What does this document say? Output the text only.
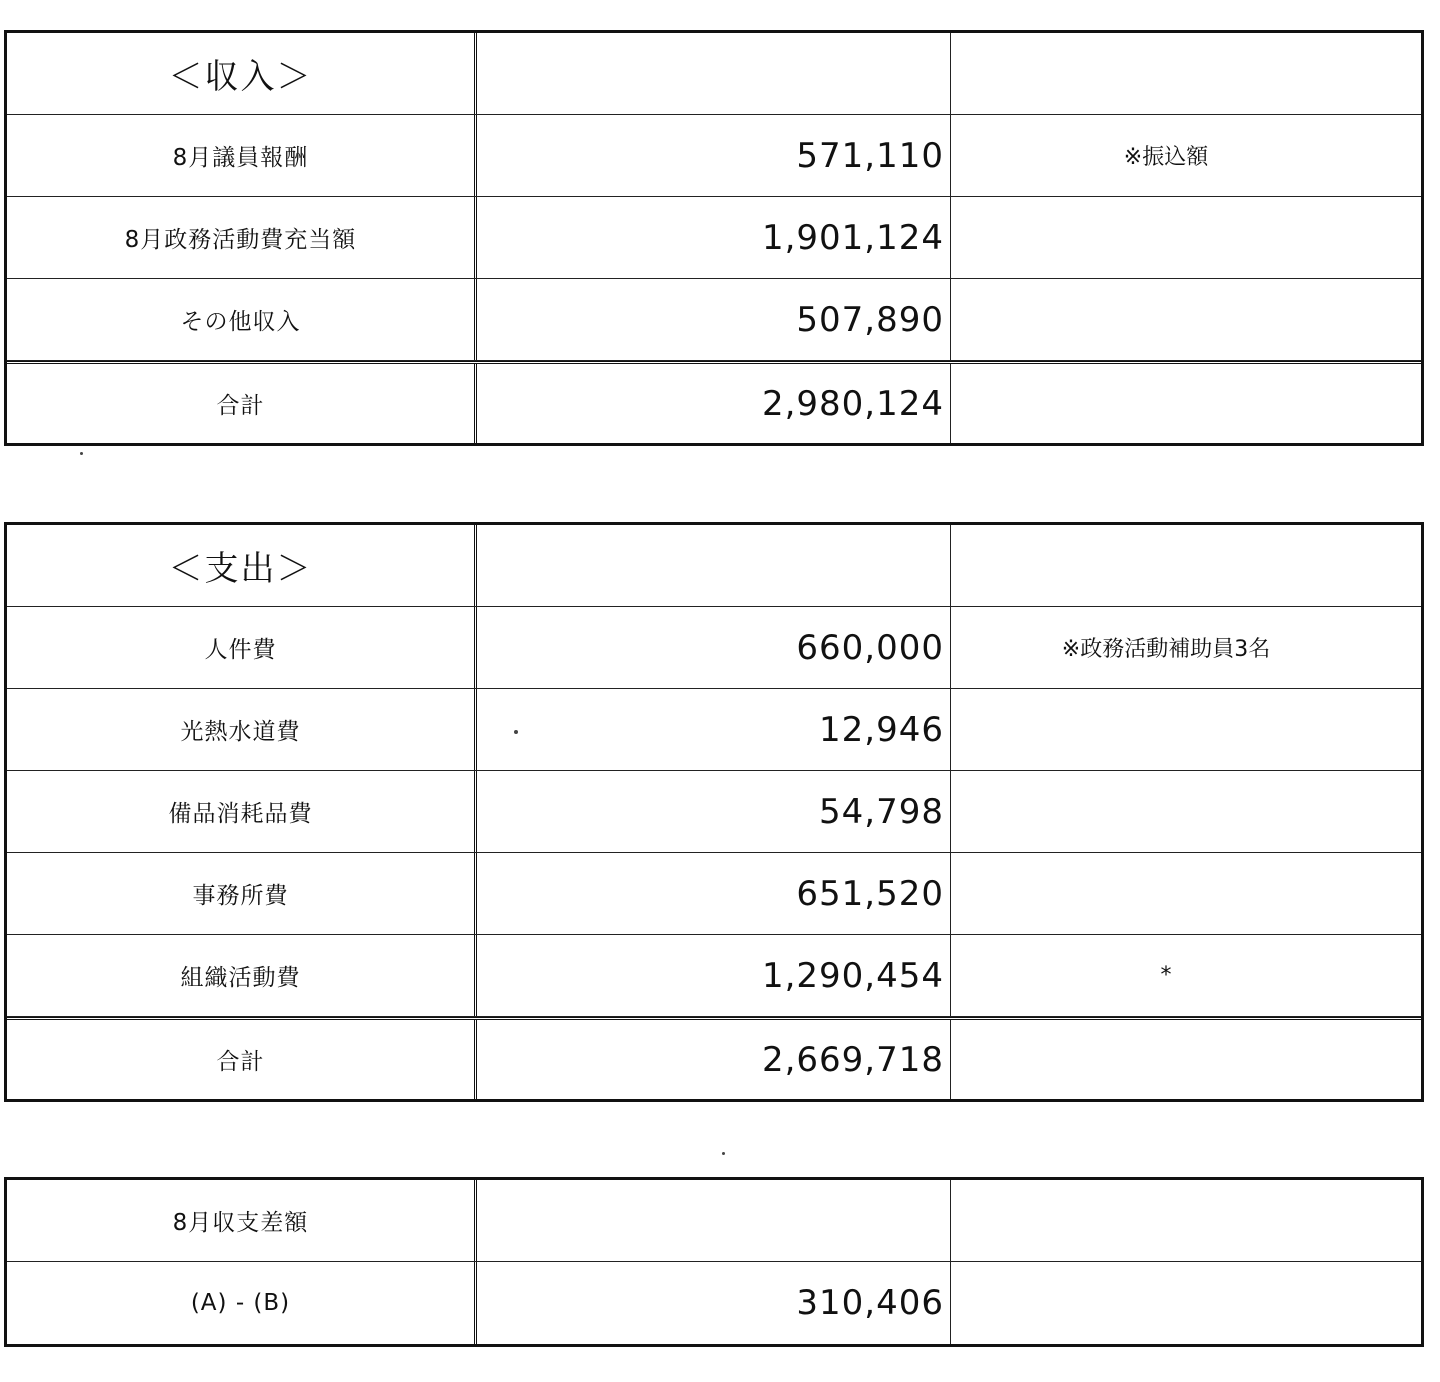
＜収入＞
8月議員報酬	571,110	※振込額
8月政務活動費充当額	1,901,124
その他収入	507,890
合計	2,980,124
＜支出＞
人件費	660,000	※政務活動補助員3名
光熱水道費	12,946
備品消耗品費	54,798
事務所費	651,520
組織活動費	1,290,454	*
合計	2,669,718
8月収支差額
(A) - (B)	310,406
